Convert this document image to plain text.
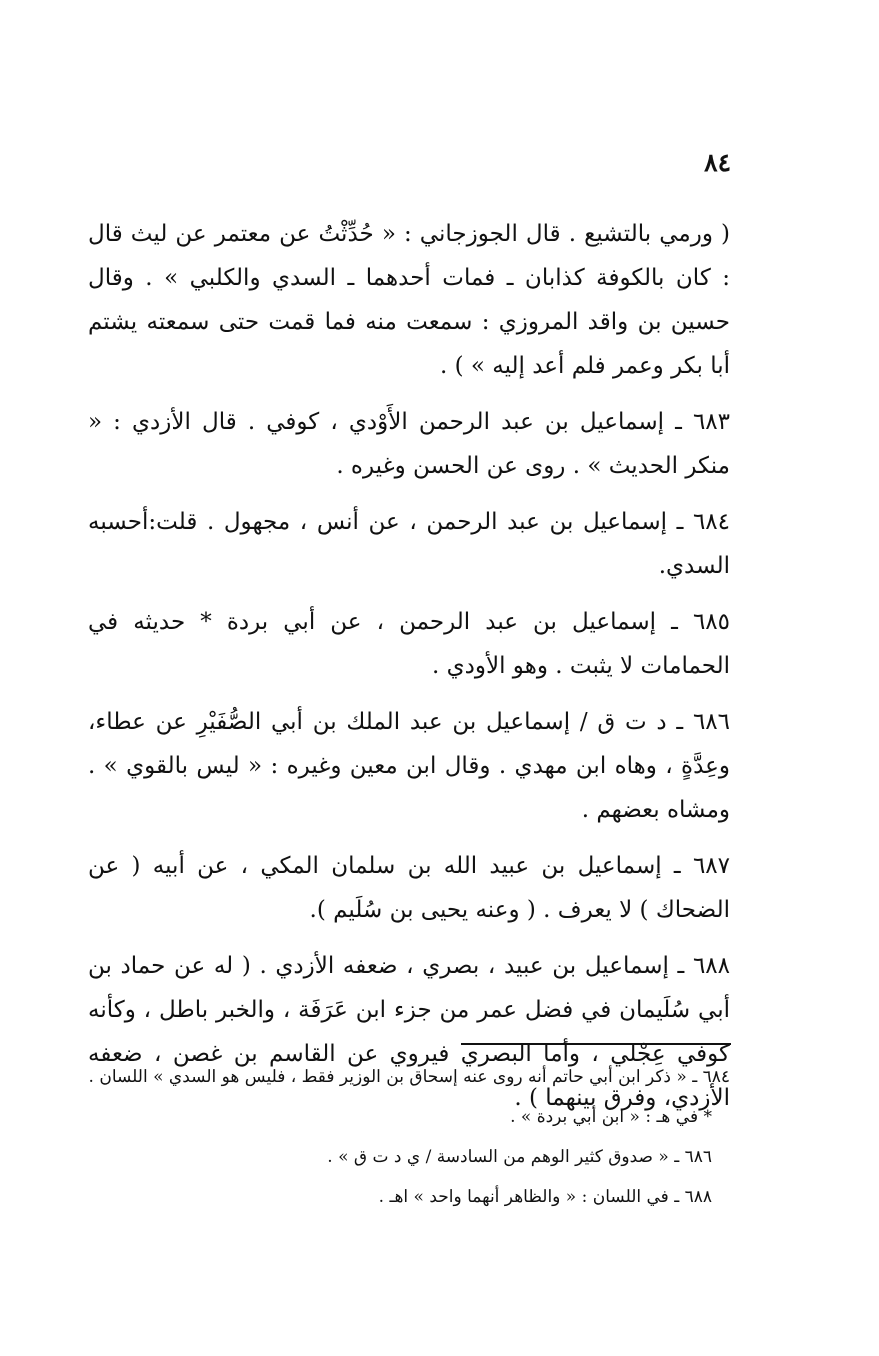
٨٤

( ورمي بالتشيع . قال الجوزجاني : « حُدِّثْتُ عن معتمر عن ليث قال : كان بالكوفة كذابان ـ فمات أحدهما ـ السدي والكلبي » . وقال حسين بن واقد المروزي : سمعت منه فما قمت حتى سمعته يشتم أبا بكر وعمر فلم أعد إليه » ) .

٦٨٣ ـ إسماعيل بن عبد الرحمن الأَوْدي ، كوفي . قال الأزدي : « منكر الحديث » . روى عن الحسن وغيره .

٦٨٤ ـ إسماعيل بن عبد الرحمن ، عن أنس ، مجهول . قلت:أحسبه السدي.

٦٨٥ ـ إسماعيل بن عبد الرحمن ، عن أبي بردة * حديثه في الحمامات لا يثبت . وهو الأودي .

٦٨٦ ـ د ت ق / إسماعيل بن عبد الملك بن أبي الصُّفَيْرِ عن عطاء، وعِدَّةٍ ، وهاه ابن مهدي . وقال ابن معين وغيره : « ليس بالقوي » . ومشاه بعضهم .

٦٨٧ ـ إسماعيل بن عبيد الله بن سلمان المكي ، عن أبيه ( عن الضحاك ) لا يعرف . ( وعنه يحيى بن سُلَيم ).

٦٨٨ ـ إسماعيل بن عبيد ، بصري ، ضعفه الأزدي . ( له عن حماد بن أبي سُلَيمان في فضل عمر من جزء ابن عَرَفَة ، والخبر باطل ، وكأنه كوفي عِجْلي ، وأما البصري فيروي عن القاسم بن غصن ، ضعفه الأزدي، وفرق بينهما ) .

٦٨٤ ـ « ذكر ابن أبي حاتم أنه روى عنه إسحاق بن الوزير فقط ، فليس هو السدي » اللسان .

* في هـ : « ابن أبي بردة » .

٦٨٦ ـ « صدوق كثير الوهم من السادسة / ي د ت ق » .

٦٨٨ ـ في اللسان : « والظاهر أنهما واحد » اهـ .
